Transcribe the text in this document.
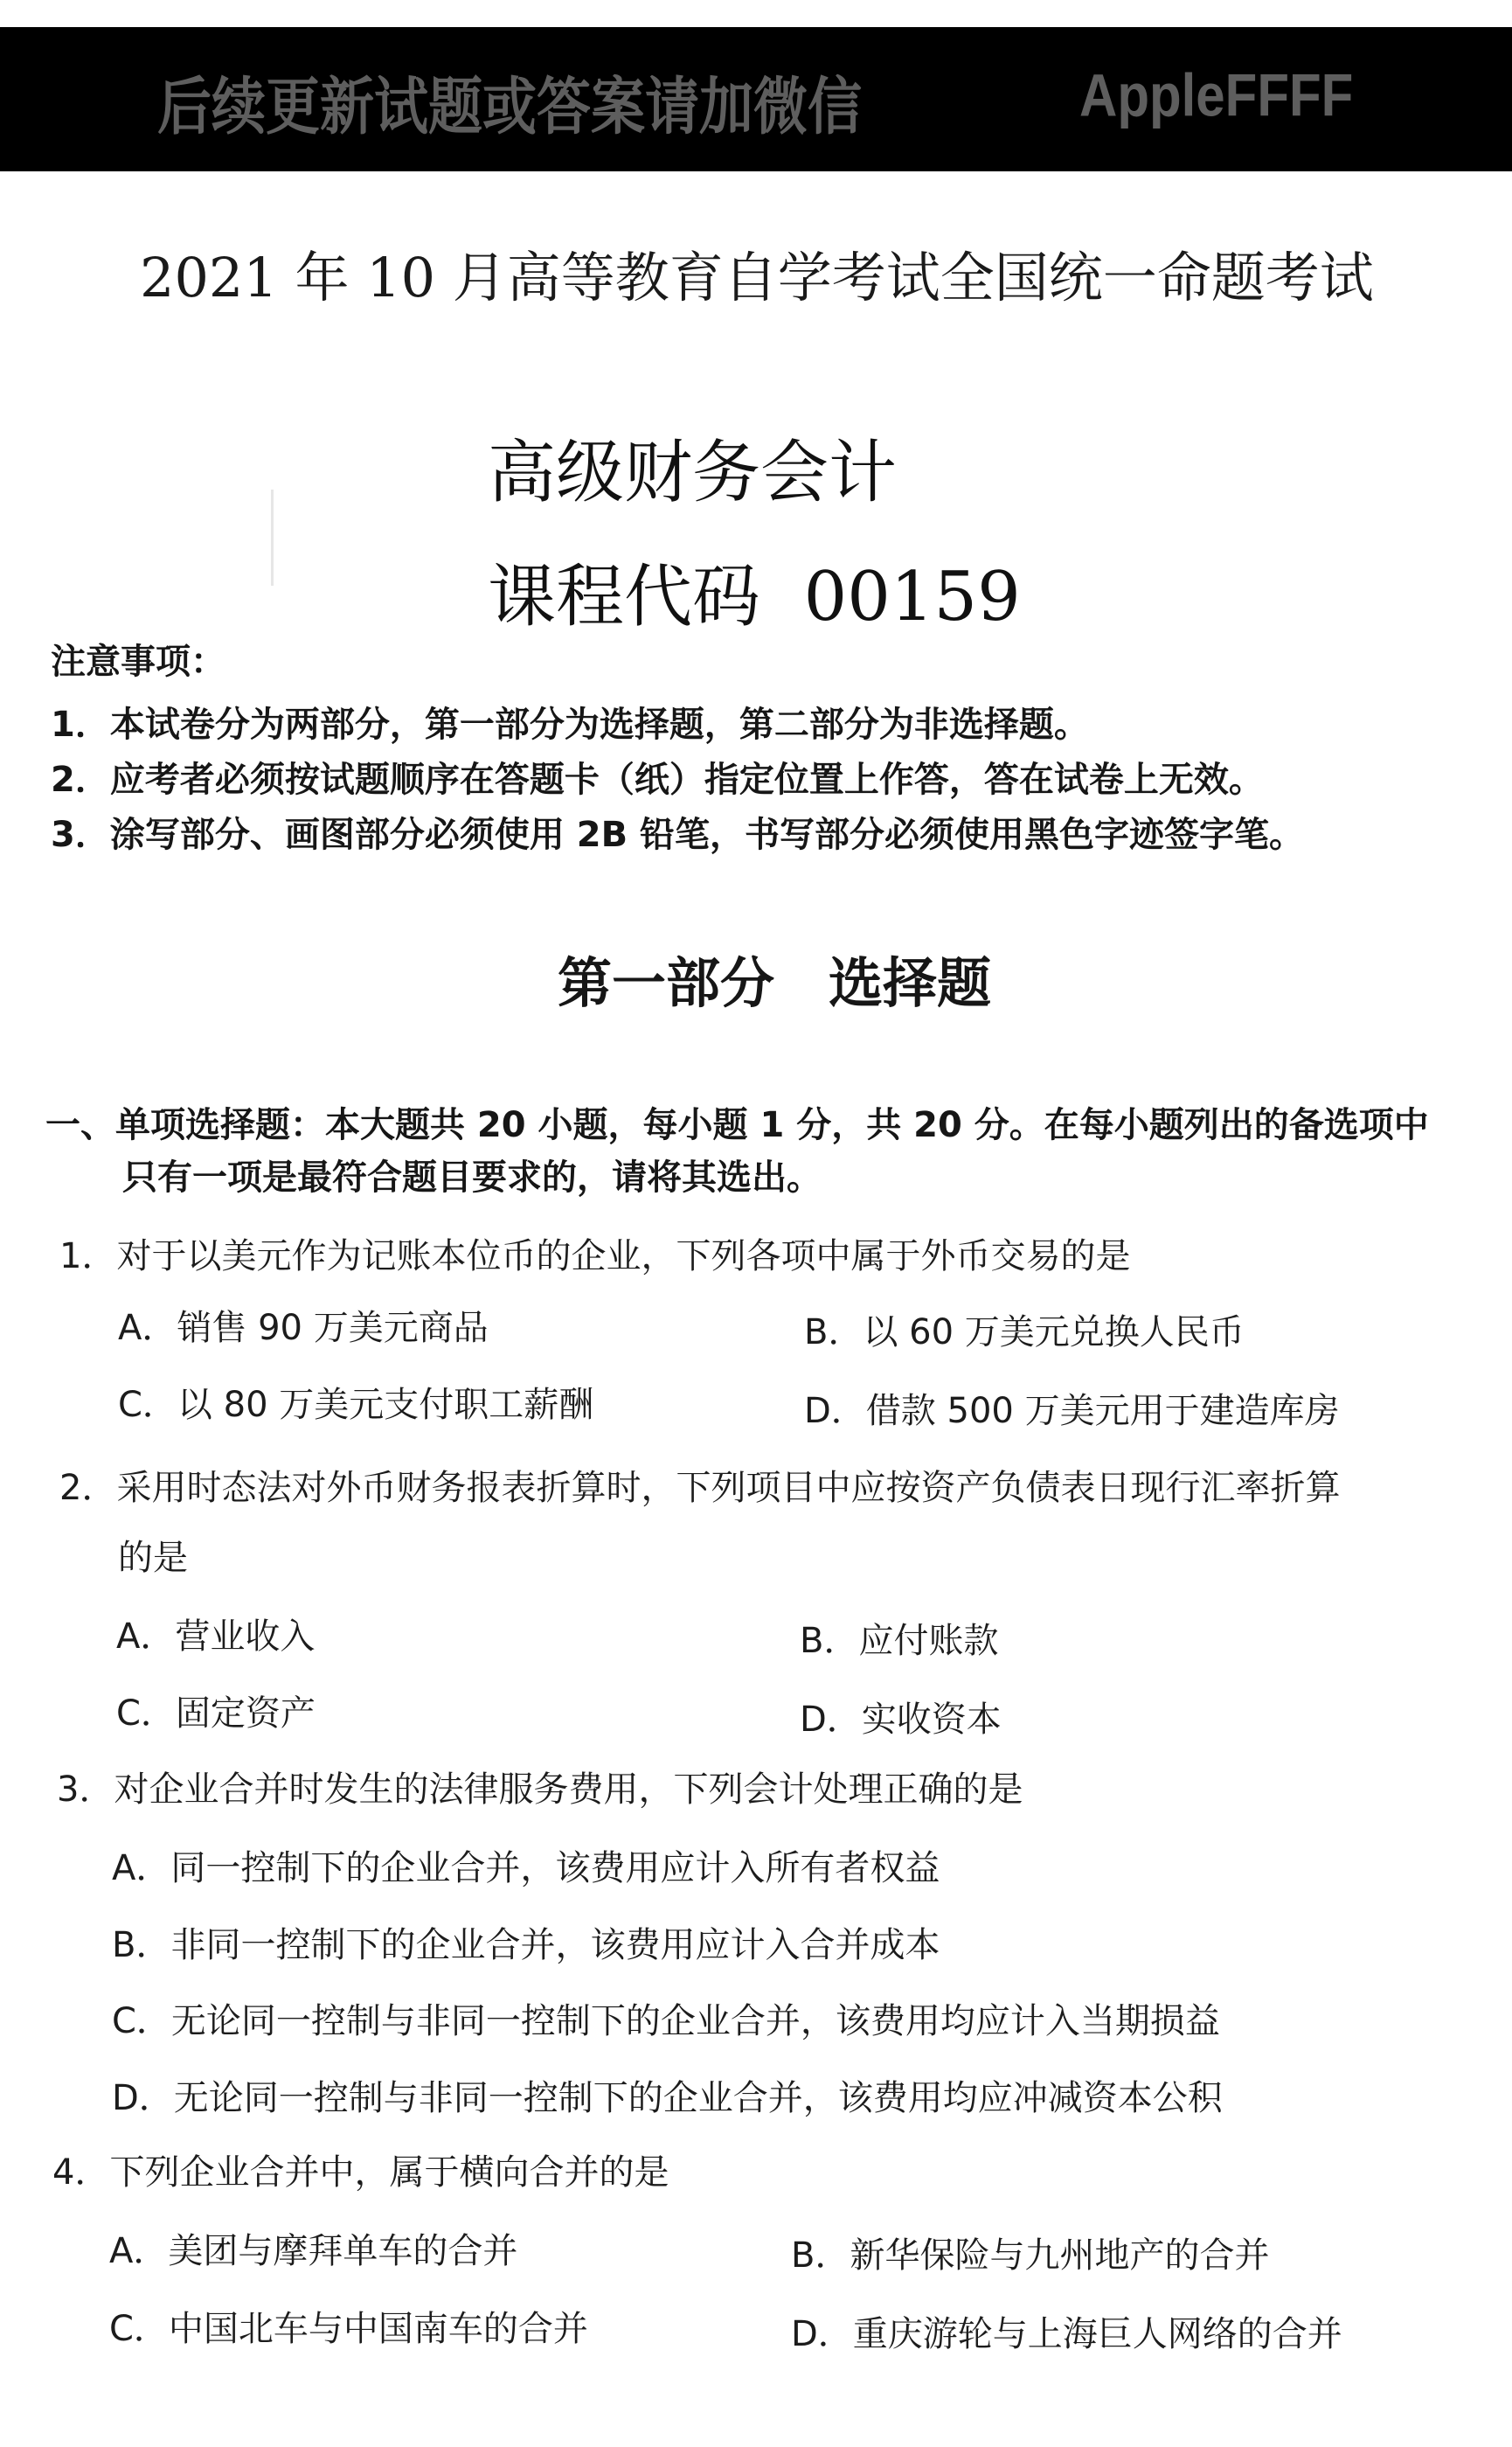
后续更新试题或答案请加微信	AppleFFFF
2021 年 10 月高等教育自学考试全国统一命题考试
高级财务会计
课程代码 00159
注意事项：
1．本试卷分为两部分，第一部分为选择题，第二部分为非选择题。
2．应考者必须按试题顺序在答题卡（纸）指定位置上作答，答在试卷上无效。
3．涂写部分、画图部分必须使用 2B 铅笔，书写部分必须使用黑色字迹签字笔。
第一部分　选择题
一、单项选择题：本大题共 20 小题，每小题 1 分，共 20 分。在每小题列出的备选项中
只有一项是最符合题目要求的，请将其选出。
1．对于以美元作为记账本位币的企业，下列各项中属于外币交易的是
A．销售 90 万美元商品	B．以 60 万美元兑换人民币
C．以 80 万美元支付职工薪酬	D．借款 500 万美元用于建造库房
2．采用时态法对外币财务报表折算时，下列项目中应按资产负债表日现行汇率折算
的是
A．营业收入	B．应付账款
C．固定资产	D．实收资本
3．对企业合并时发生的法律服务费用，下列会计处理正确的是
A．同一控制下的企业合并，该费用应计入所有者权益
B．非同一控制下的企业合并，该费用应计入合并成本
C．无论同一控制与非同一控制下的企业合并，该费用均应计入当期损益
D．无论同一控制与非同一控制下的企业合并，该费用均应冲减资本公积
4．下列企业合并中，属于横向合并的是
A．美团与摩拜单车的合并	B．新华保险与九州地产的合并
C．中国北车与中国南车的合并	D．重庆游轮与上海巨人网络的合并
